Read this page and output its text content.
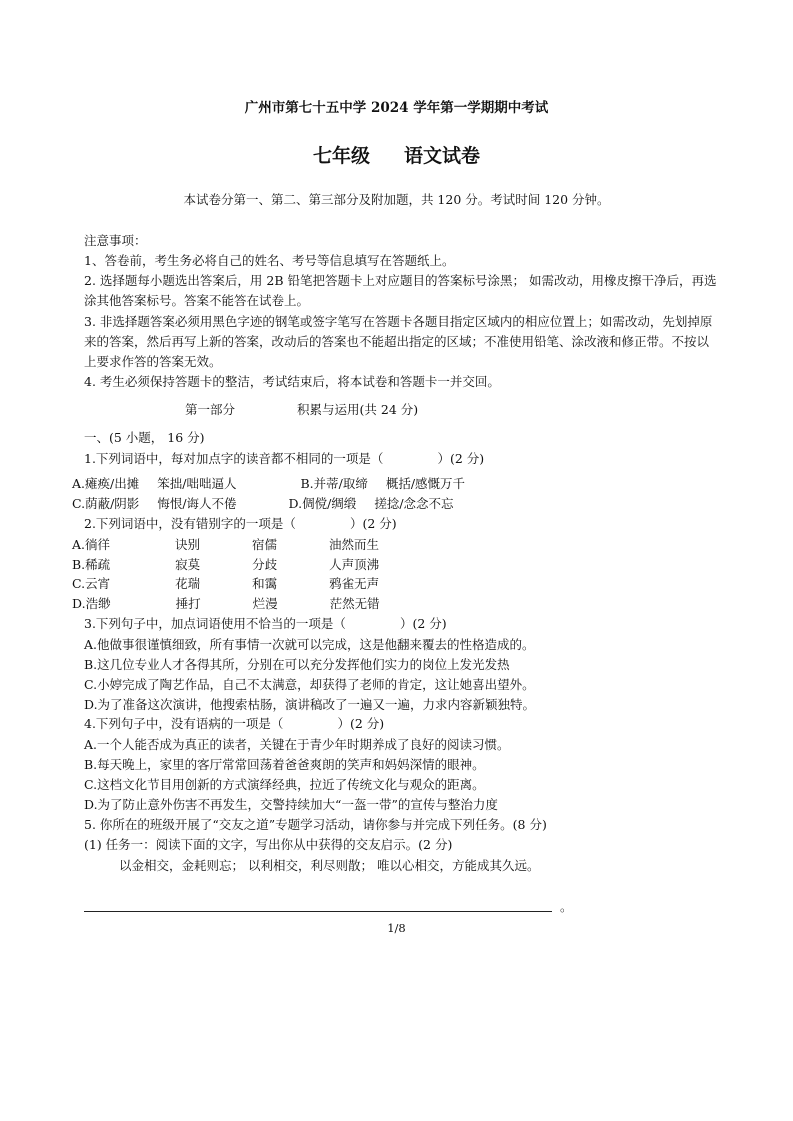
广州市第七十五中学 2024 学年第一学期期中考试
七年级 语文试卷
本试卷分第一、第二、第三部分及附加题，共 120 分。考试时间 120 分钟。
注意事项：
1、答卷前，考生务必将自己的姓名、考号等信息填写在答题纸上。
2. 选择题每小题选出答案后，用 2B 铅笔把答题卡上对应题目的答案标号涂黑； 如需改动，用橡皮擦干净后，再选涂其他答案标号。答案不能答在试卷上。
3. 非选择题答案必须用黑色字迹的钢笔或签字笔写在答题卡各题目指定区域内的相应位置上；如需改动，先划掉原来的答案，然后再写上新的答案，改动后的答案也不能超出指定的区域；不准使用铅笔、涂改液和修正带。不按以上要求作答的答案无效。
4. 考生必须保持答题卡的整洁，考试结束后，将本试卷和答题卡一并交回。
第一部分	积累与运用(共 24 分)
一、(5 小题， 16 分)
1.下列词语中，每对加点字的读音都不相同的一项是（	）(2 分)
A.瘫痪/出摊 笨拙/咄咄逼人	B.并蒂/取缔 概括/感慨万千
C.荫蔽/阴影 悔恨/诲人不倦	D.倜傥/绸缎 搓捻/念念不忘
2.下列词语中，没有错别字的一项是（	）(2 分)
A.徜徉	诀别	宿儒	油然而生
B.稀疏	寂莫	分歧	人声顶沸
C.云宵	花瑞	和霭	鸦雀无声
D.浩缈	捶打	烂漫	茫然无错
3.下列句子中，加点词语使用不恰当的一项是（	）(2 分)
A.他做事很谨慎细致，所有事情一次就可以完成，这是他翻来覆去的性格造成的。
B.这几位专业人才各得其所，分别在可以充分发挥他们实力的岗位上发光发热
C.小婷完成了陶艺作品，自己不太满意，却获得了老师的肯定，这让她喜出望外。
D.为了准备这次演讲，他搜索枯肠，演讲稿改了一遍又一遍，力求内容新颖独特。
4.下列句子中，没有语病的一项是（	）(2 分)
A.一个人能否成为真正的读者，关键在于青少年时期养成了良好的阅读习惯。
B.每天晚上，家里的客厅常常回荡着爸爸爽朗的笑声和妈妈深情的眼神。
C.这档文化节目用创新的方式演绎经典，拉近了传统文化与观众的距离。
D.为了防止意外伤害不再发生，交警持续加大“一盔一带”的宣传与整治力度
5. 你所在的班级开展了“交友之道”专题学习活动，请你参与并完成下列任务。(8 分)
(1) 任务一：阅读下面的文字，写出你从中获得的交友启示。(2 分)
以金相交，金耗则忘； 以利相交，利尽则散； 唯以心相交，方能成其久远。
。
1/8
